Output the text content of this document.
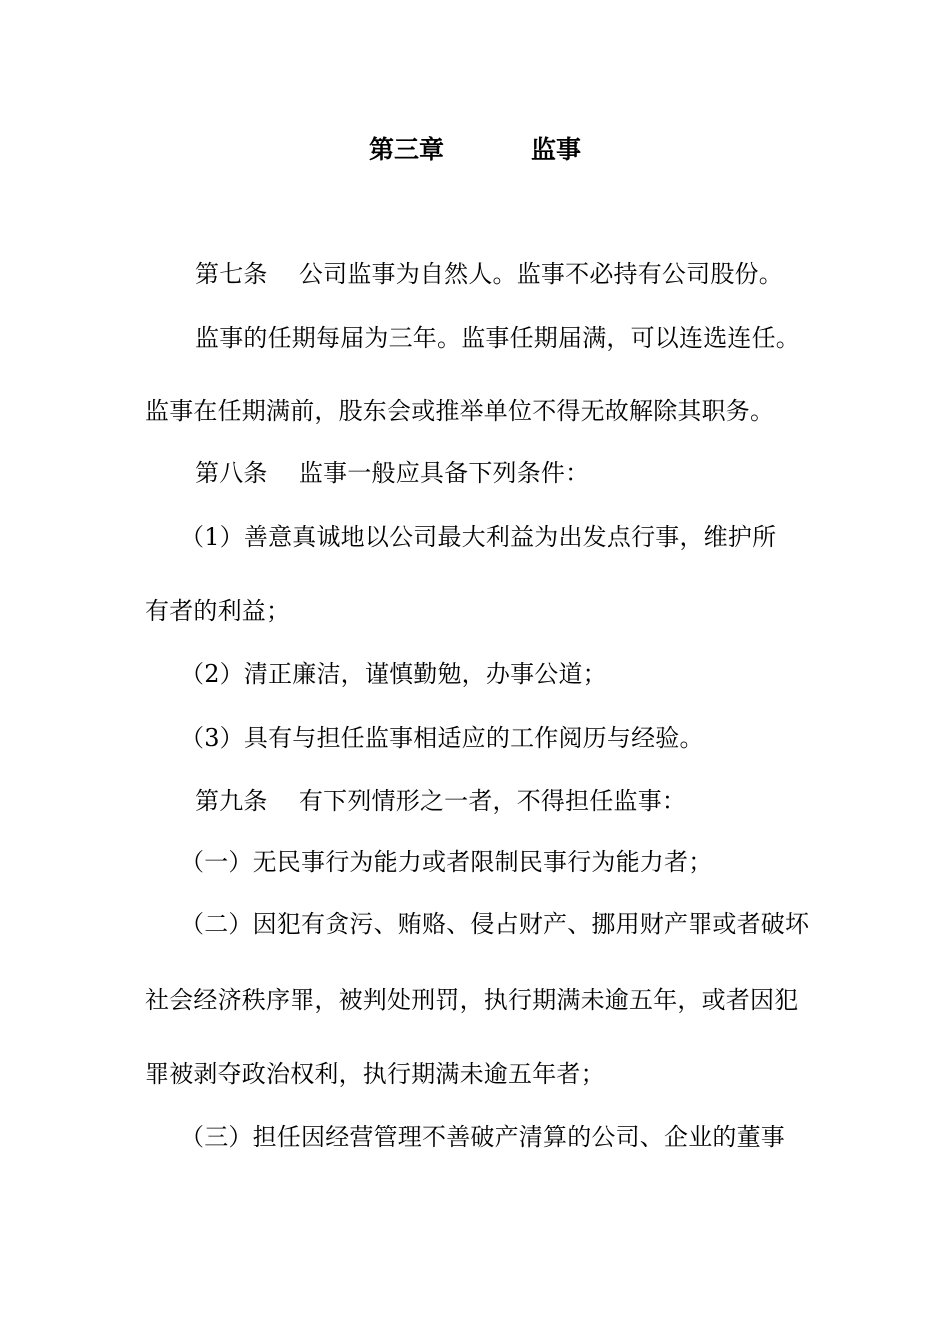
第三章          监事
第七条    公司监事为自然人。监事不必持有公司股份。
监事的任期每届为三年。监事任期届满，可以连选连任。
监事在任期满前，股东会或推举单位不得无故解除其职务。
第八条    监事一般应具备下列条件：
（1）善意真诚地以公司最大利益为出发点行事，维护所
有者的利益；
（2）清正廉洁，谨慎勤勉，办事公道；
（3）具有与担任监事相适应的工作阅历与经验。
第九条    有下列情形之一者，不得担任监事：
（一）无民事行为能力或者限制民事行为能力者；
（二）因犯有贪污、贿赂、侵占财产、挪用财产罪或者破坏
社会经济秩序罪，被判处刑罚，执行期满未逾五年，或者因犯
罪被剥夺政治权利，执行期满未逾五年者；
（三）担任因经营管理不善破产清算的公司、企业的董事
